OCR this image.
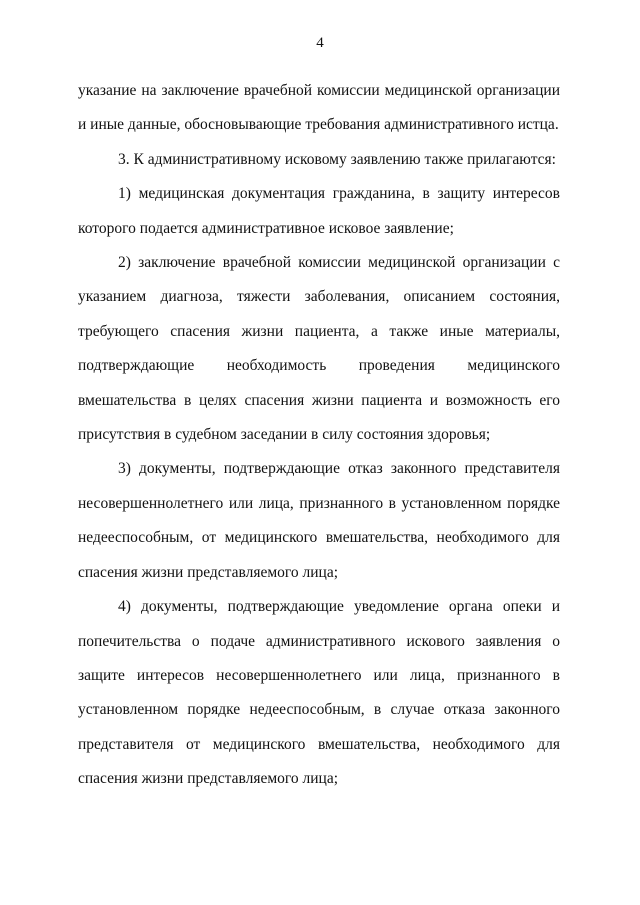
4

указание на заключение врачебной комиссии медицинской организации и иные данные, обосновывающие требования административного истца.

3. К административному исковому заявлению также прилагаются:

1) медицинская документация гражданина, в защиту интересов которого подается административное исковое заявление;

2) заключение врачебной комиссии медицинской организации с указанием диагноза, тяжести заболевания, описанием состояния, требующего спасения жизни пациента, а также иные материалы, подтверждающие необходимость проведения медицинского вмешательства в целях спасения жизни пациента и возможность его присутствия в судебном заседании в силу состояния здоровья;

3) документы, подтверждающие отказ законного представителя несовершеннолетнего или лица, признанного в установленном порядке недееспособным, от медицинского вмешательства, необходимого для спасения жизни представляемого лица;

4) документы, подтверждающие уведомление органа опеки и попечительства о подаче административного искового заявления о защите интересов несовершеннолетнего или лица, признанного в установленном порядке недееспособным, в случае отказа законного представителя от медицинского вмешательства, необходимого для спасения жизни представляемого лица;
